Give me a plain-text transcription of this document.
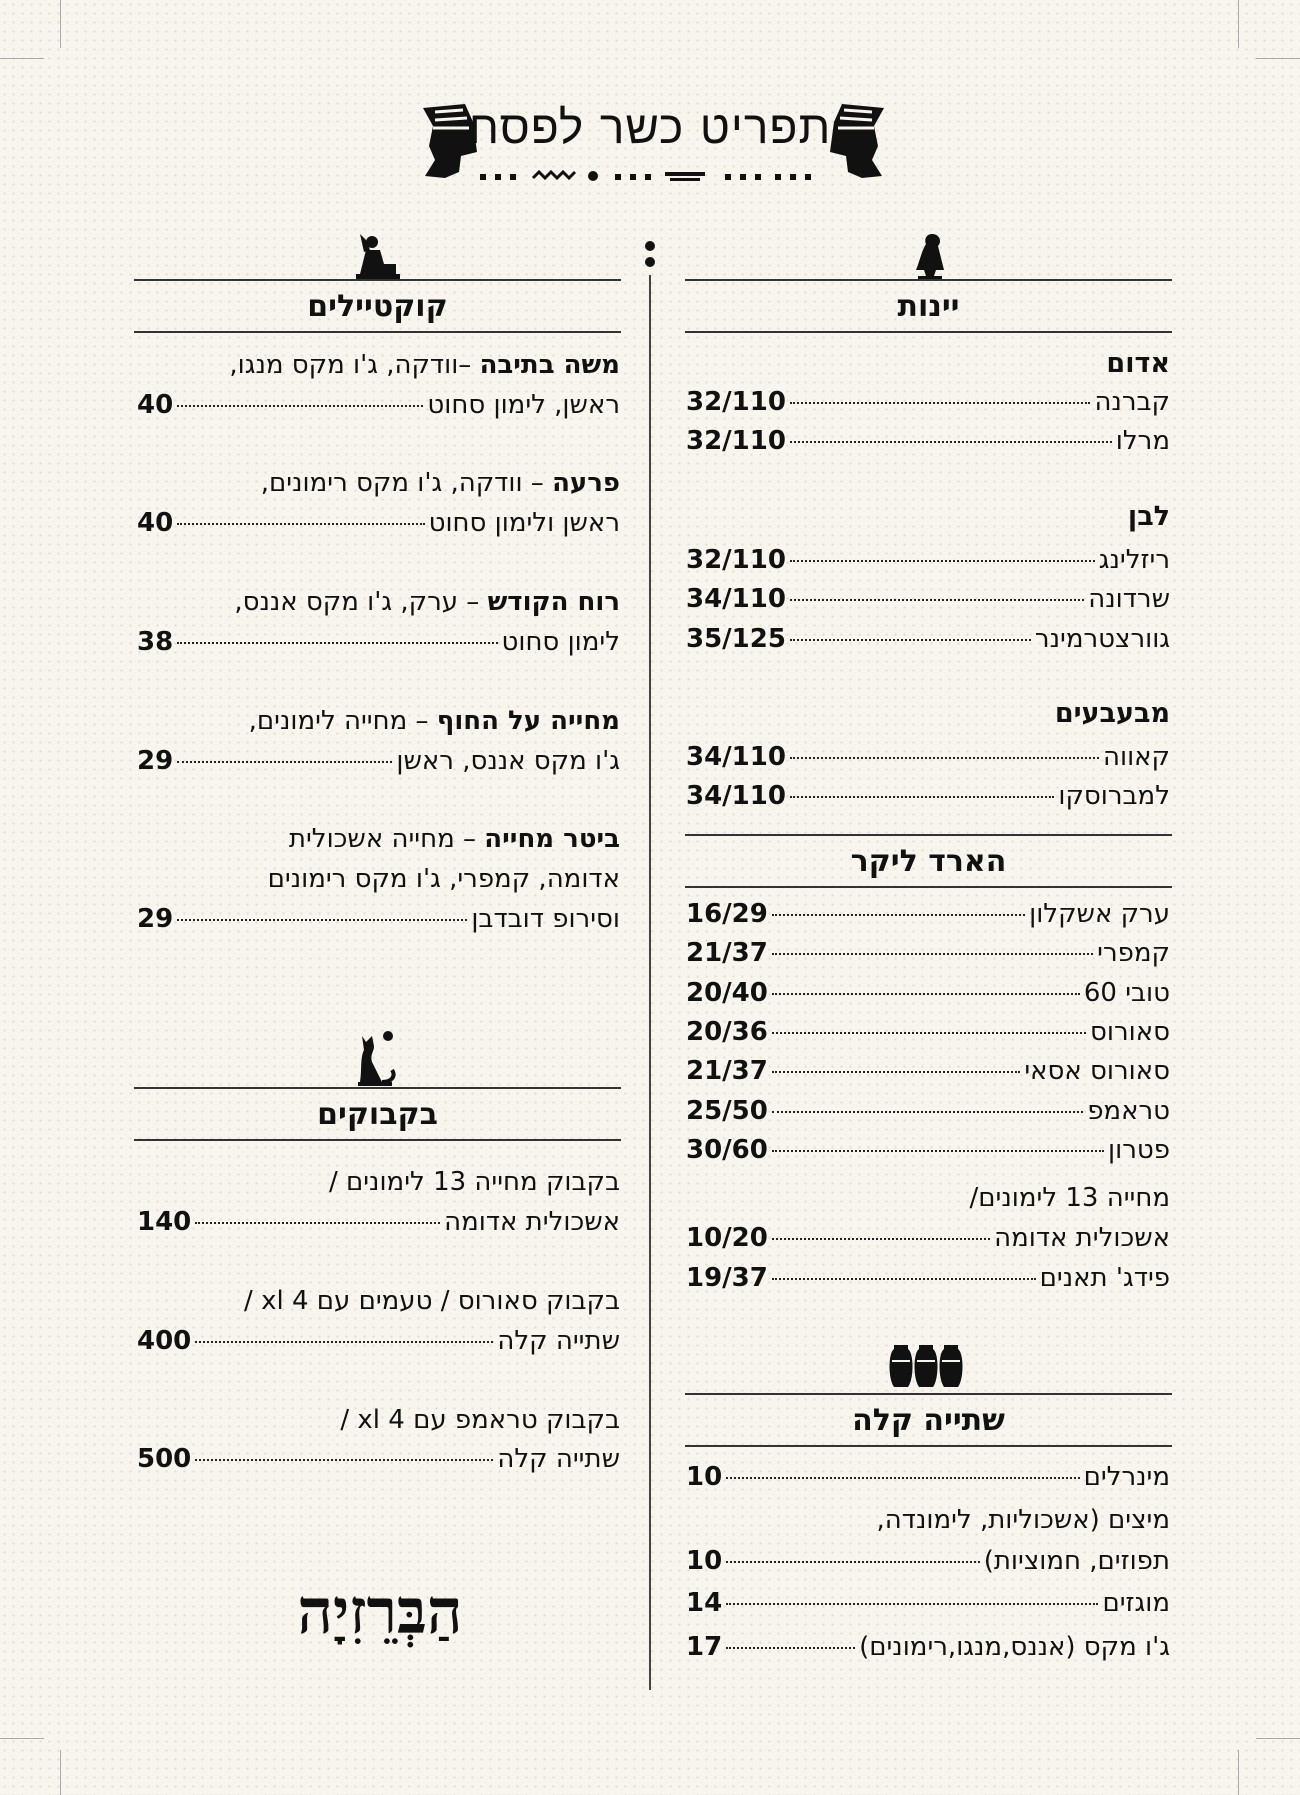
תפריט כשר לפסח
יינות
אדום
קברנה
32/110
מרלו
32/110
לבן
ריזלינג
32/110
שרדונה
34/110
גוורצטרמינר
35/125
מבעבעים
קאווה
34/110
למברוסקו
34/110
הארד ליקר
ערק אשקלון
16/29
קמפרי
21/37
טובי 60
20/40
סאורוס
20/36
סאורוס אסאי
21/37
טראמפ
25/50
פטרון
30/60
מחייה 13 לימונים/
אשכולית אדומה
10/20
פידג' תאנים
19/37
שתייה קלה
מינרלים
10
מיצים (אשכוליות, לימונדה,
תפוזים, חמוציות)
10
מוגזים
14
ג'ו מקס (אננס,מנגו,רימונים)
17
קוקטיילים
משה בתיבה –וודקה, ג'ו מקס מנגו,
ראשן, לימון סחוט
40
פרעה – וודקה, ג'ו מקס רימונים,
ראשן ולימון סחוט
40
רוח הקודש – ערק, ג'ו מקס אננס,
לימון סחוט
38
מחייה על החוף – מחייה לימונים,
ג'ו מקס אננס, ראשן
29
ביטר מחייה – מחייה אשכולית
אדומה, קמפרי, ג'ו מקס רימונים
וסירופ דובדבן
29
בקבוקים
בקבוק מחייה 13 לימונים /
אשכולית אדומה
140
בקבוק סאורוס / טעמים עם 4 xl /
שתייה קלה
400
בקבוק טראמפ עם 4 xl /
שתייה קלה
500
הַבְּרֵזִיָה
